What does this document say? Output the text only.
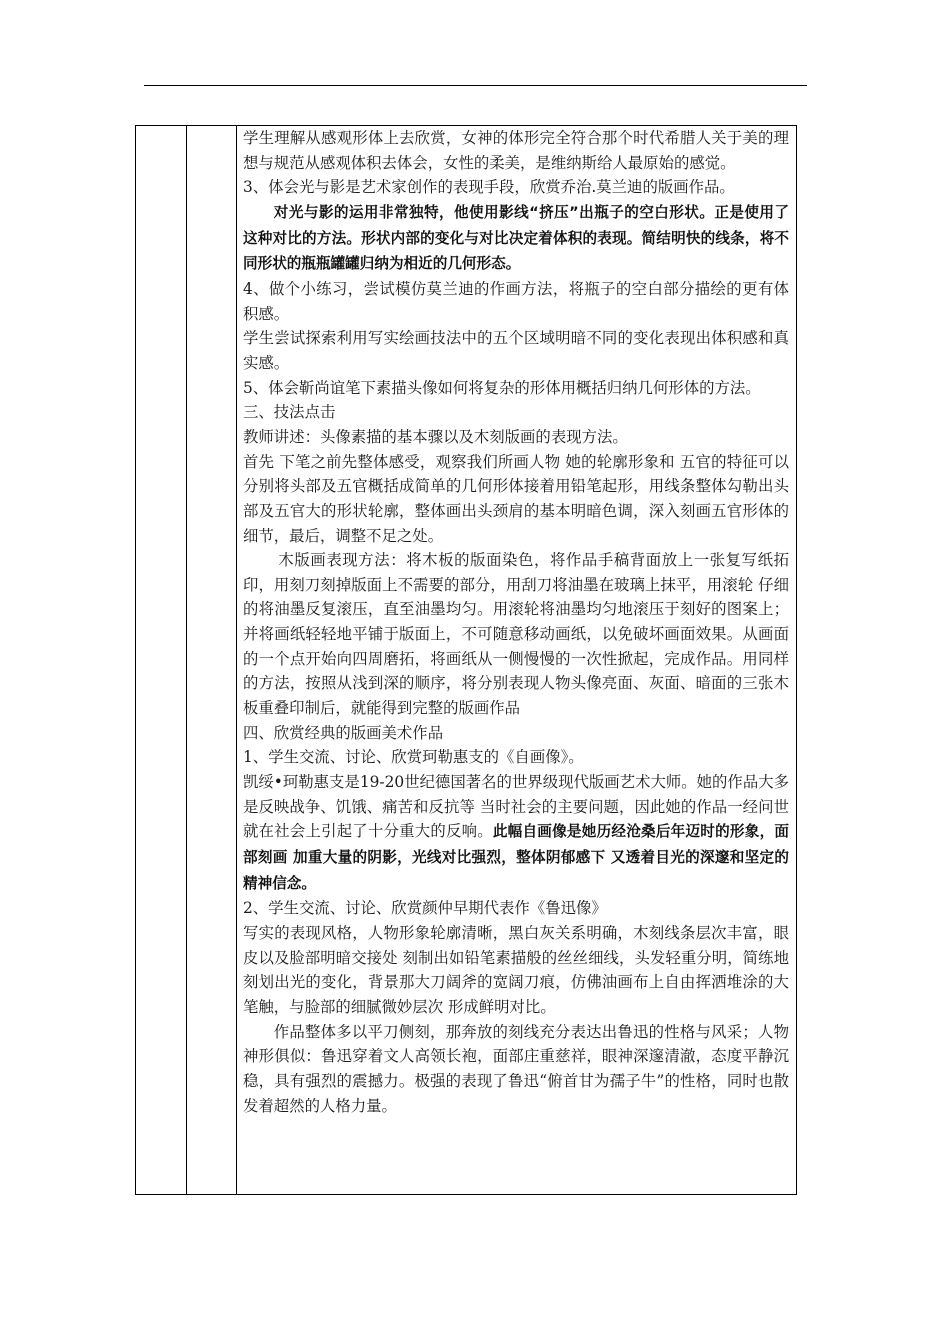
学生理解从感观形体上去欣赏，女神的体形完全符合那个时代希腊人关于美的理想与规范从感观体积去体会，女性的柔美，是维纳斯给人最原始的感觉。

3、体会光与影是艺术家创作的表现手段，欣赏乔治.莫兰迪的版画作品。

对光与影的运用非常独特，他使用影线“挤压”出瓶子的空白形状。正是使用了这种对比的方法。形状内部的变化与对比决定着体积的表现。简结明快的线条，将不同形状的瓶瓶罐罐归纳为相近的几何形态。

4、做个小练习，尝试模仿莫兰迪的作画方法，将瓶子的空白部分描绘的更有体积感。

学生尝试探索利用写实绘画技法中的五个区域明暗不同的变化表现出体积感和真实感。

5、体会靳尚谊笔下素描头像如何将复杂的形体用概括归纳几何形体的方法。

三、技法点击

教师讲述：头像素描的基本骤以及木刻版画的表现方法。

首先 下笔之前先整体感受，观察我们所画人物 她的轮廓形象和 五官的特征可以分别将头部及五官概括成简单的几何形体接着用铅笔起形，用线条整体勾勒出头部及五官大的形状轮廓，整体画出头颈肩的基本明暗色调，深入刻画五官形体的细节，最后，调整不足之处。

木版画表现方法：将木板的版面染色，将作品手稿背面放上一张复写纸拓印，用刻刀刻掉版面上不需要的部分，用刮刀将油墨在玻璃上抹平，用滚轮 仔细的将油墨反复滚压，直至油墨均匀。用滚轮将油墨均匀地滚压于刻好的图案上；并将画纸轻轻地平铺于版面上，不可随意移动画纸，以免破坏画面效果。从画面的一个点开始向四周磨拓，将画纸从一侧慢慢的一次性掀起，完成作品。用同样的方法，按照从浅到深的顺序，将分别表现人物头像亮面、灰面、暗面的三张木板重叠印制后，就能得到完整的版画作品

四、欣赏经典的版画美术作品

1、学生交流、讨论、欣赏珂勒惠支的《自画像》。

凯绥•珂勒惠支是19-20世纪德国著名的世界级现代版画艺术大师。她的作品大多是反映战争、饥饿、痛苦和反抗等 当时社会的主要问题，因此她的作品一经问世就在社会上引起了十分重大的反响。此幅自画像是她历经沧桑后年迈时的形象，面部刻画 加重大量的阴影，光线对比强烈，整体阴郁感下 又透着目光的深邃和坚定的精神信念。

2、学生交流、讨论、欣赏颜仲早期代表作《鲁迅像》

写实的表现风格，人物形象轮廓清晰，黑白灰关系明确，木刻线条层次丰富，眼皮以及脸部明暗交接处 刻制出如铅笔素描般的丝丝细线，头发轻重分明，简练地刻划出光的变化，背景那大刀阔斧的宽阔刀痕，仿佛油画布上自由挥洒堆涂的大笔触，与脸部的细腻微妙层次 形成鲜明对比。

作品整体多以平刀侧刻，那奔放的刻线充分表达出鲁迅的性格与风采；人物神形俱似：鲁迅穿着文人高领长袍，面部庄重慈祥，眼神深邃清澈，态度平静沉稳，具有强烈的震撼力。极强的表现了鲁迅“俯首甘为孺子牛”的性格，同时也散发着超然的人格力量。
